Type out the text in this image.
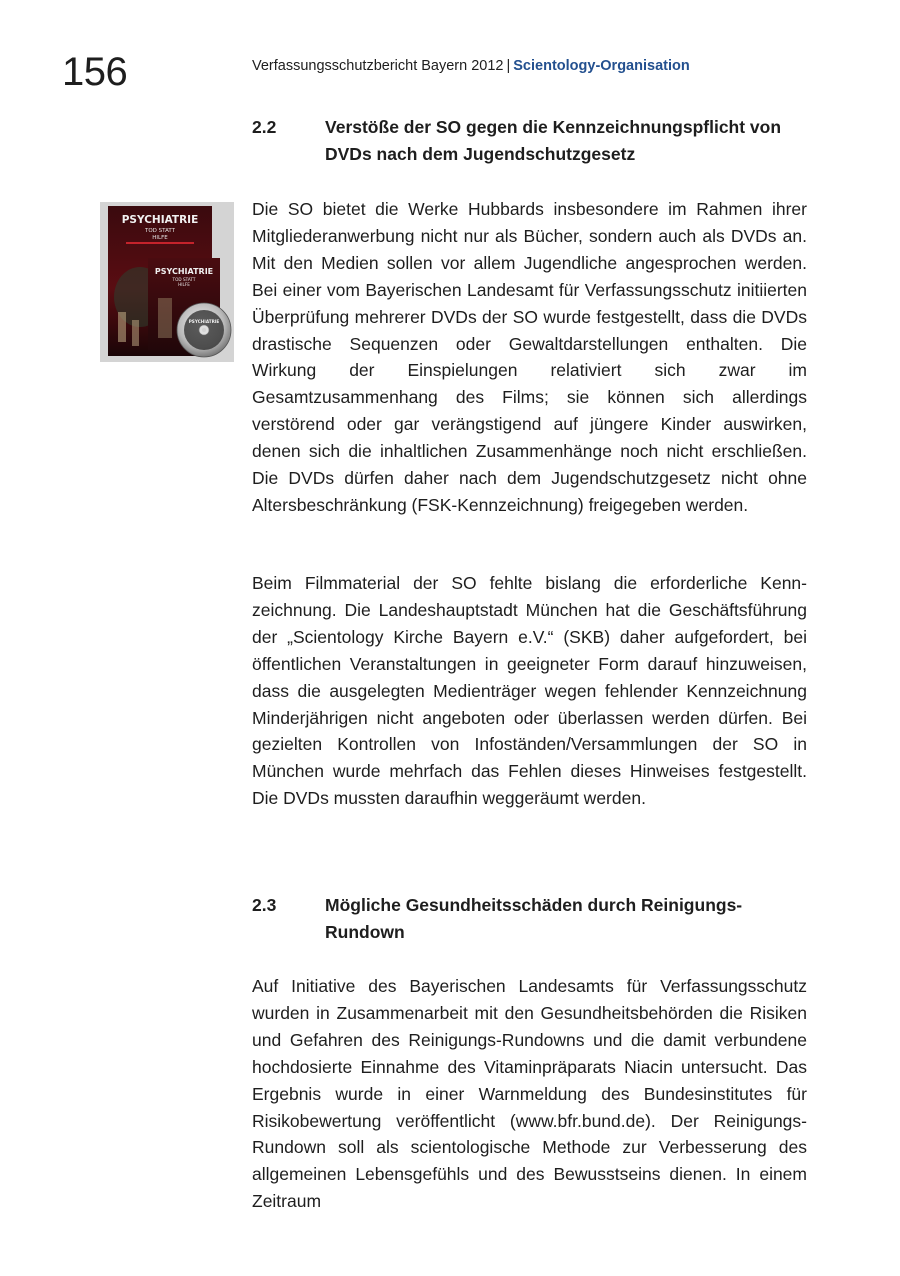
156	Verfassungsschutzbericht Bayern 2012 | Scientology-Organisation
2.2	Verstöße der SO gegen die Kennzeichnungspflicht von DVDs nach dem Jugendschutzgesetz
PSYCHIATRIE
TOD STATT
HILFE
PSYCHIATRIE
TOD STATT
HILFE
PSYCHIATRIE

Die SO bietet die Werke Hubbards insbesondere im Rahmen ihrer Mitgliederanwerbung nicht nur als Bücher, sondern auch als DVDs an. Mit den Medien sollen vor allem Jugendliche angesprochen werden. Bei einer vom Bayerischen Landesamt für Verfassungsschutz initiierten Überprüfung mehrerer DVDs der SO wurde festgestellt, dass die DVDs drastische Sequenzen oder Gewaltdarstellungen enthalten. Die Wirkung der Einspielungen relativiert sich zwar im Gesamtzusammenhang des Films; sie können sich allerdings verstörend oder gar verängstigend auf jüngere Kinder auswirken, denen sich die inhaltlichen Zusammenhänge noch nicht erschließen. Die DVDs dürfen daher nach dem Jugendschutzgesetz nicht ohne Altersbeschränkung (FSK-Kennzeichnung) freigegeben werden.

Beim Filmmaterial der SO fehlte bislang die erforderliche Kennzeichnung. Die Landeshauptstadt München hat die Geschäftsführung der „Scientology Kirche Bayern e.V.“ (SKB) daher aufgefordert, bei öffentlichen Veranstaltungen in geeigneter Form darauf hinzuweisen, dass die ausgelegten Medienträger wegen fehlender Kennzeichnung Minderjährigen nicht angeboten oder überlassen werden dürfen. Bei gezielten Kontrollen von Infoständen/Versammlungen der SO in München wurde mehrfach das Fehlen dieses Hinweises festgestellt. Die DVDs mussten daraufhin weggeräumt werden.

2.3	Mögliche Gesundheitsschäden durch Reinigungs-Rundown

Auf Initiative des Bayerischen Landesamts für Verfassungsschutz wurden in Zusammenarbeit mit den Gesundheitsbehörden die Risiken und Gefahren des Reinigungs-Rundowns und die damit verbundene hochdosierte Einnahme des Vitaminpräparats Niacin untersucht. Das Ergebnis wurde in einer Warnmeldung des Bundesinstitutes für Risikobewertung veröffentlicht (www.bfr.bund.de). Der Reinigungs-Rundown soll als scientologische Methode zur Verbesserung des allgemeinen Lebensgefühls und des Bewusstseins dienen. In einem Zeitraum
